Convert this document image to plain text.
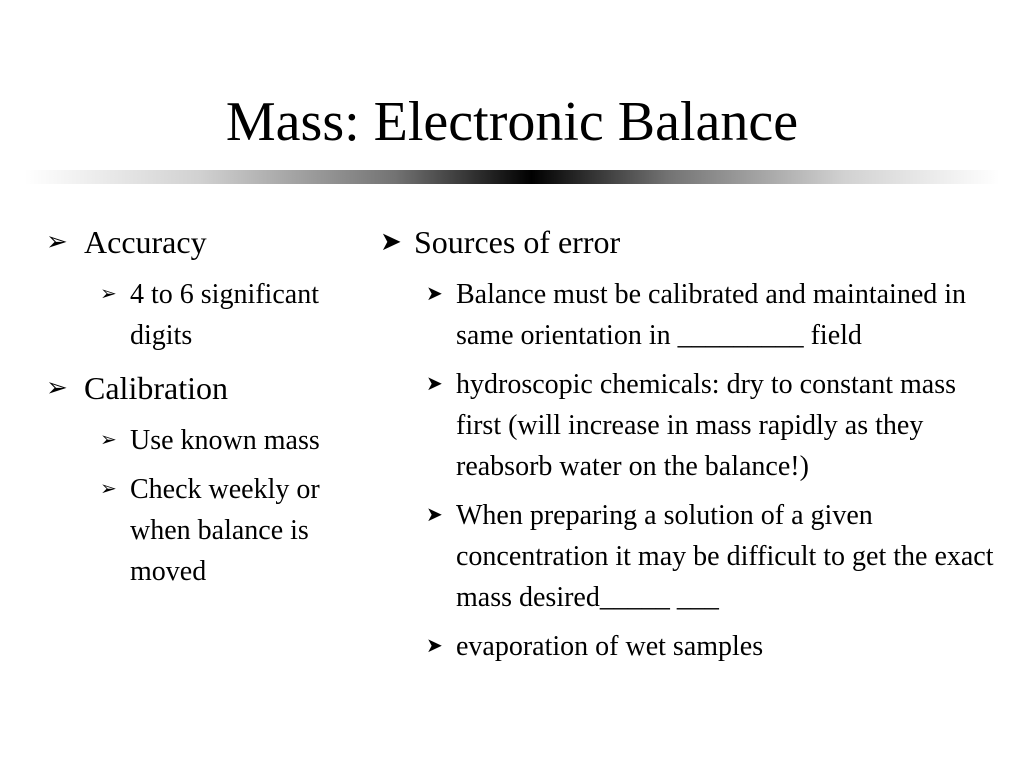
Mass: Electronic Balance
➢ Accuracy
➢ 4 to 6 significant digits
➢ Calibration
➢ Use known mass
➢ Check weekly or when balance is moved
➤ Sources of error
➤ Balance must be calibrated and maintained in same orientation in _________ field
➤ hydroscopic chemicals: dry to constant mass first (will increase in mass rapidly as they reabsorb water on the balance!)
➤ When preparing a solution of a given concentration it may be difficult to get the exact mass desired_____ ___
➤ evaporation of wet samples
